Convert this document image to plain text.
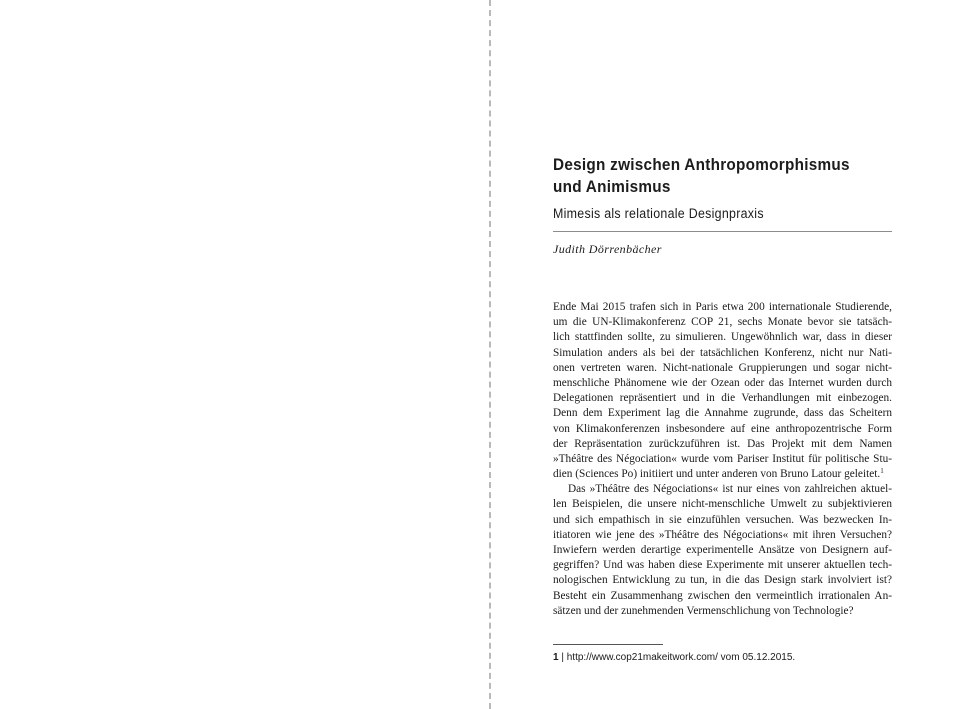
Design zwischen Anthropomorphismus
und Animismus
Mimesis als relationale Designpraxis
Judith Dörrenbächer
Ende Mai 2015 trafen sich in Paris etwa 200 internationale Studierende,
um die UN-Klimakonferenz COP 21, sechs Monate bevor sie tatsäch-
lich stattfinden sollte, zu simulieren. Ungewöhnlich war, dass in dieser
Simulation anders als bei der tatsächlichen Konferenz, nicht nur Nati-
onen vertreten waren. Nicht-nationale Gruppierungen und sogar nicht-
menschliche Phänomene wie der Ozean oder das Internet wurden durch
Delegationen repräsentiert und in die Verhandlungen mit einbezogen.
Denn dem Experiment lag die Annahme zugrunde, dass das Scheitern
von Klimakonferenzen insbesondere auf eine anthropozentrische Form
der Repräsentation zurückzuführen ist. Das Projekt mit dem Namen
»Théâtre des Négociation« wurde vom Pariser Institut für politische Stu-
dien (Sciences Po) initiiert und unter anderen von Bruno Latour geleitet.$^1$
Das »Théâtre des Négociations« ist nur eines von zahlreichen aktuel-
len Beispielen, die unsere nicht-menschliche Umwelt zu subjektivieren
und sich empathisch in sie einzufühlen versuchen. Was bezwecken In-
itiatoren wie jene des »Théâtre des Négociations« mit ihren Versuchen?
Inwiefern werden derartige experimentelle Ansätze von Designern auf-
gegriffen? Und was haben diese Experimente mit unserer aktuellen tech-
nologischen Entwicklung zu tun, in die das Design stark involviert ist?
Besteht ein Zusammenhang zwischen den vermeintlich irrationalen An-
sätzen und der zunehmenden Vermenschlichung von Technologie?
1 | http://www.cop21makeitwork.com/ vom 05.12.2015.
